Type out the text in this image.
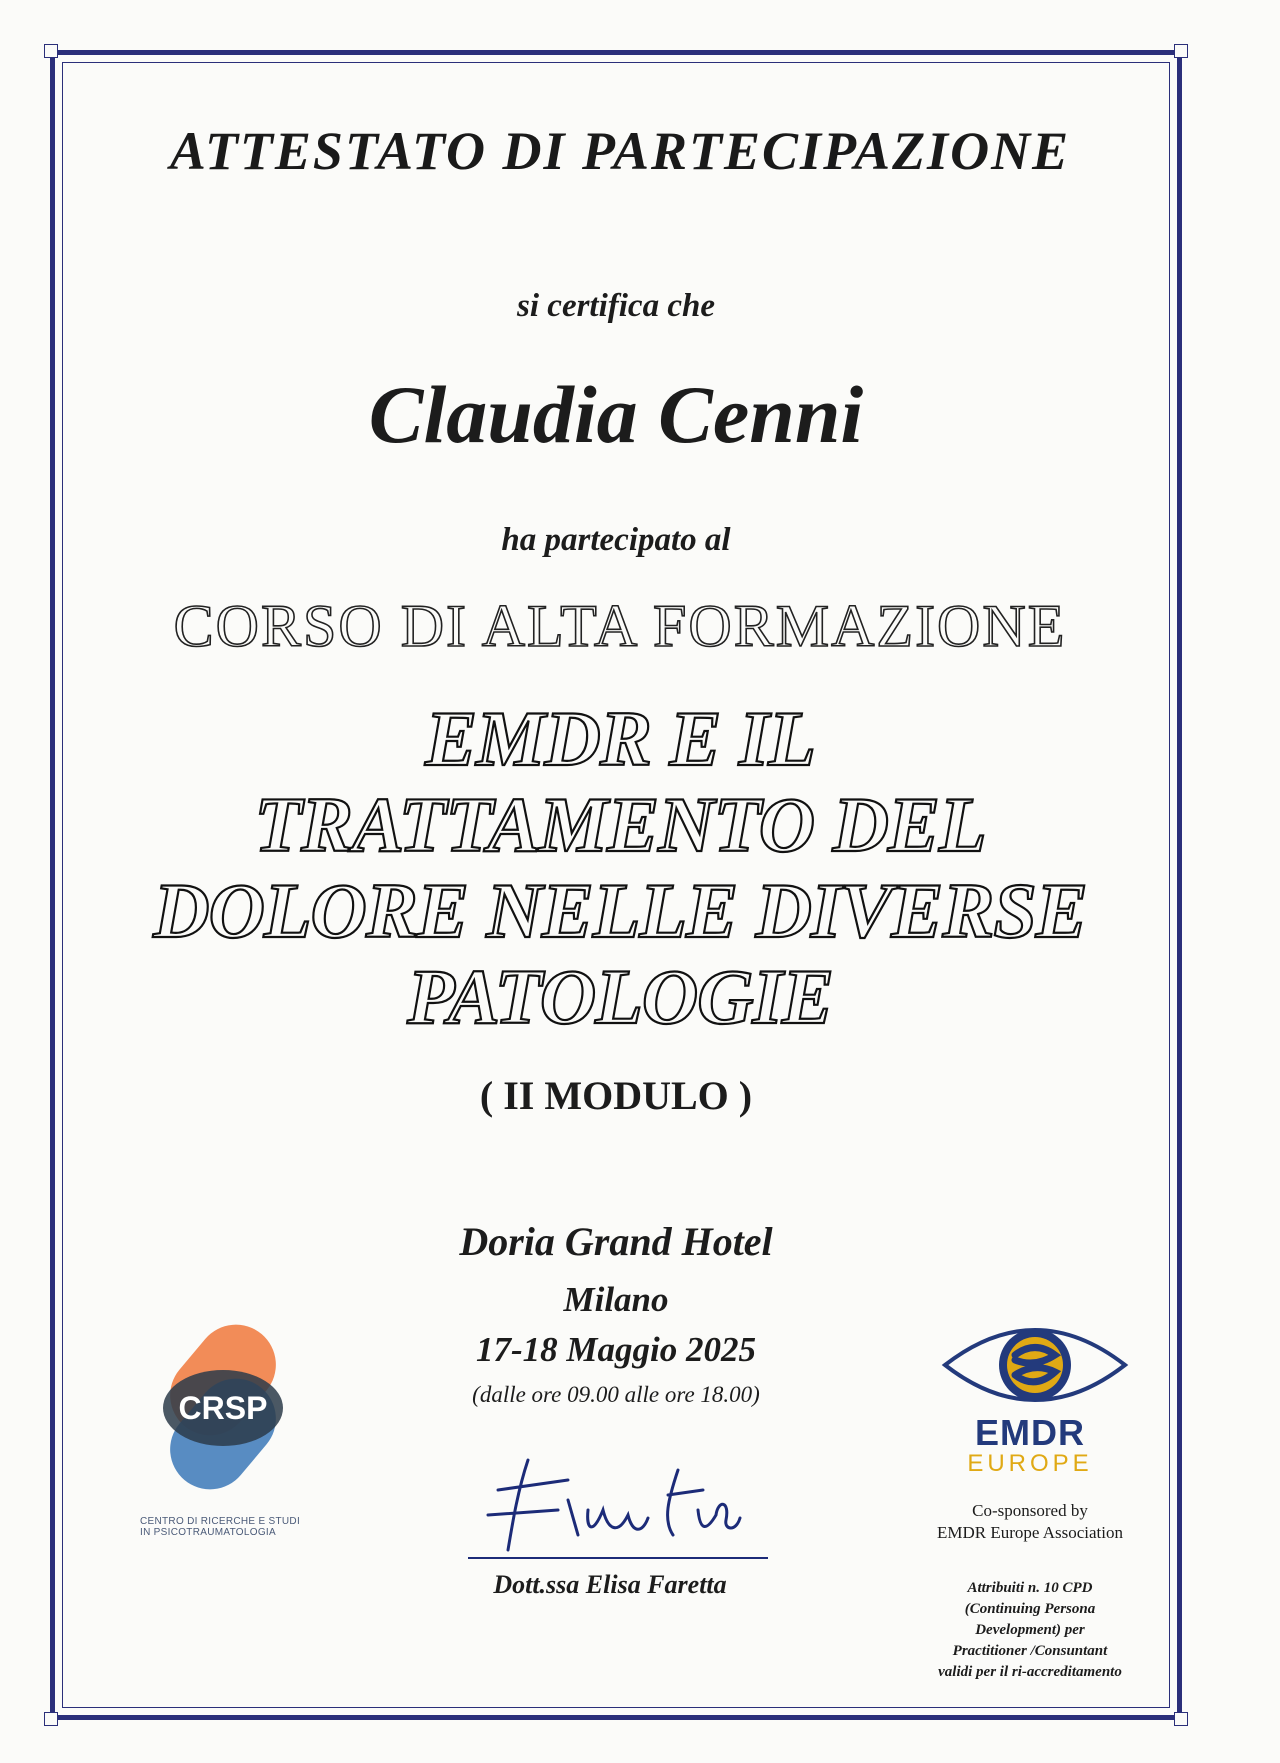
ATTESTATO DI PARTECIPAZIONE
si certifica che
Claudia Cenni
ha partecipato al
CORSO DI ALTA FORMAZIONE
EMDR E IL
TRATTAMENTO DEL
DOLORE NELLE DIVERSE
PATOLOGIE
( II MODULO )
Doria Grand Hotel
Milano
17-18 Maggio 2025
(dalle ore 09.00 alle ore 18.00)
CRSP
CENTRO DI RICERCHE E STUDI
IN PSICOTRAUMATOLOGIA
Dott.ssa Elisa Faretta
EMDR
EUROPE
Co-sponsored by
EMDR Europe Association
Attribuiti n. 10 CPD
(Continuing Persona
Development) per
Practitioner /Consuntant
validi per il ri-accreditamento
